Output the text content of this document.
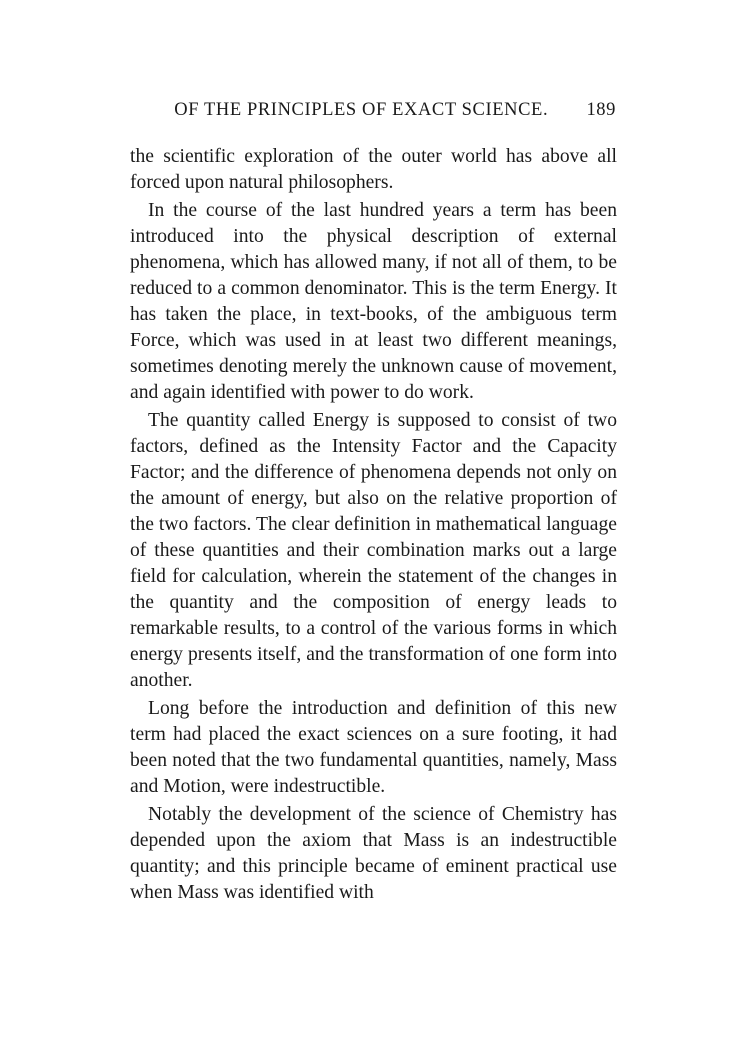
OF THE PRINCIPLES OF EXACT SCIENCE.	189

the scientific exploration of the outer world has above all forced upon natural philosophers.

In the course of the last hundred years a term has been introduced into the physical description of external phenomena, which has allowed many, if not all of them, to be reduced to a common denominator. This is the term Energy. It has taken the place, in text-books, of the ambiguous term Force, which was used in at least two different meanings, sometimes denoting merely the unknown cause of movement, and again identified with power to do work.

The quantity called Energy is supposed to consist of two factors, defined as the Intensity Factor and the Capacity Factor; and the difference of phenomena depends not only on the amount of energy, but also on the relative proportion of the two factors. The clear definition in mathematical language of these quantities and their combination marks out a large field for calculation, wherein the statement of the changes in the quantity and the composition of energy leads to remarkable results, to a control of the various forms in which energy presents itself, and the transformation of one form into another.

Long before the introduction and definition of this new term had placed the exact sciences on a sure footing, it had been noted that the two fundamental quantities, namely, Mass and Motion, were indestructible.

Notably the development of the science of Chemistry has depended upon the axiom that Mass is an indestructible quantity; and this principle became of eminent practical use when Mass was identified with
